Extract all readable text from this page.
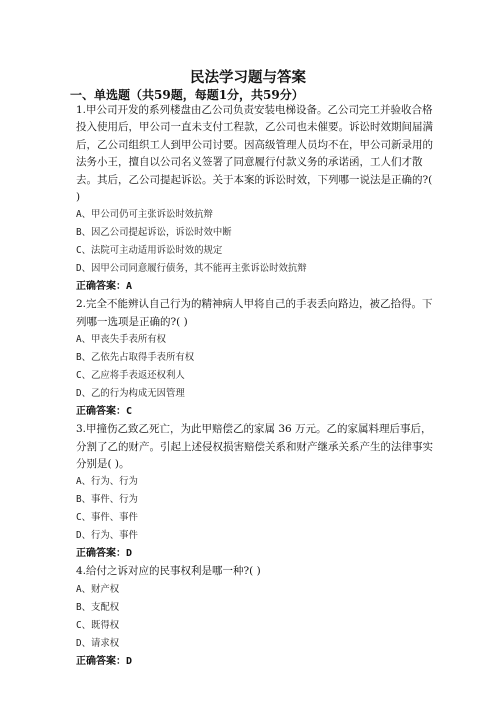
民法学习题与答案
一、单选题（共59题，每题1分，共59分）

1.甲公司开发的系列楼盘由乙公司负责安装电梯设备。乙公司完工并验收合格投入使用后，甲公司一直未支付工程款，乙公司也未催要。诉讼时效期间届满后，乙公司组织工人到甲公司讨要。因高级管理人员均不在，甲公司新录用的法务小王，擅自以公司名义签署了同意履行付款义务的承诺函，工人们才散去。其后，乙公司提起诉讼。关于本案的诉讼时效，下列哪一说法是正确的?( )

A、甲公司仍可主张诉讼时效抗辩

B、因乙公司提起诉讼，诉讼时效中断

C、法院可主动适用诉讼时效的规定

D、因甲公司同意履行债务，其不能再主张诉讼时效抗辩

正确答案：A

2.完全不能辨认自己行为的精神病人甲将自己的手表丢向路边，被乙拾得。下列哪一选项是正确的?( )

A、甲丧失手表所有权

B、乙依先占取得手表所有权

C、乙应将手表返还权利人

D、乙的行为构成无因管理

正确答案：C

3.甲撞伤乙致乙死亡，为此甲赔偿乙的家属 36 万元。乙的家属料理后事后，分割了乙的财产。引起上述侵权损害赔偿关系和财产继承关系产生的法律事实分别是( )。

A、行为、行为

B、事件、行为

C、事件、事件

D、行为、事件

正确答案：D

4.给付之诉对应的民事权利是哪一种?( )

A、财产权

B、支配权

C、既得权

D、请求权

正确答案：D
